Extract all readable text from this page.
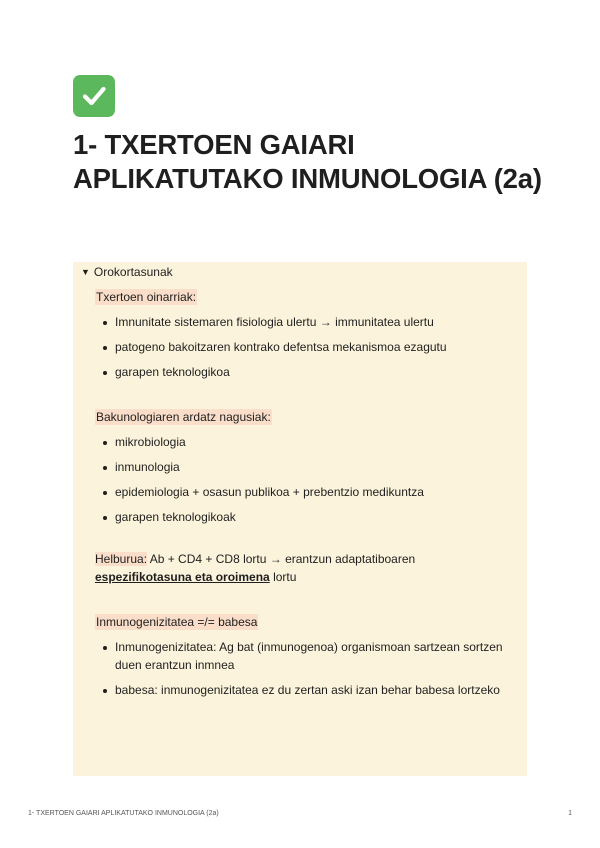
1- TXERTOEN GAIARI APLIKATUTAKO INMUNOLOGIA (2a)
▼ Orokortasunak
Txertoen oinarriak:
Imnunitate sistemaren fisiologia ulertu → immunitatea ulertu
patogeno bakoitzaren kontrako defentsa mekanismoa ezagutu
garapen teknologikoa
Bakunologiaren ardatz nagusiak:
mikrobiologia
inmunologia
epidemiologia + osasun publikoa + prebentzio medikuntza
garapen teknologikoak
Helburua: Ab + CD4 + CD8 lortu → erantzun adaptatiboaren
espezifikotasuna eta oroimena lortu
Inmunogenizitatea =/= babesa
Inmunogenizitatea: Ag bat (inmunogenoa) organismoan sartzean sortzen duen erantzun inmnea
babesa: inmunogenizitatea ez du zertan aski izan behar babesa lortzeko
1- TXERTOEN GAIARI APLIKATUTAKO INMUNOLOGIA (2a)	1
